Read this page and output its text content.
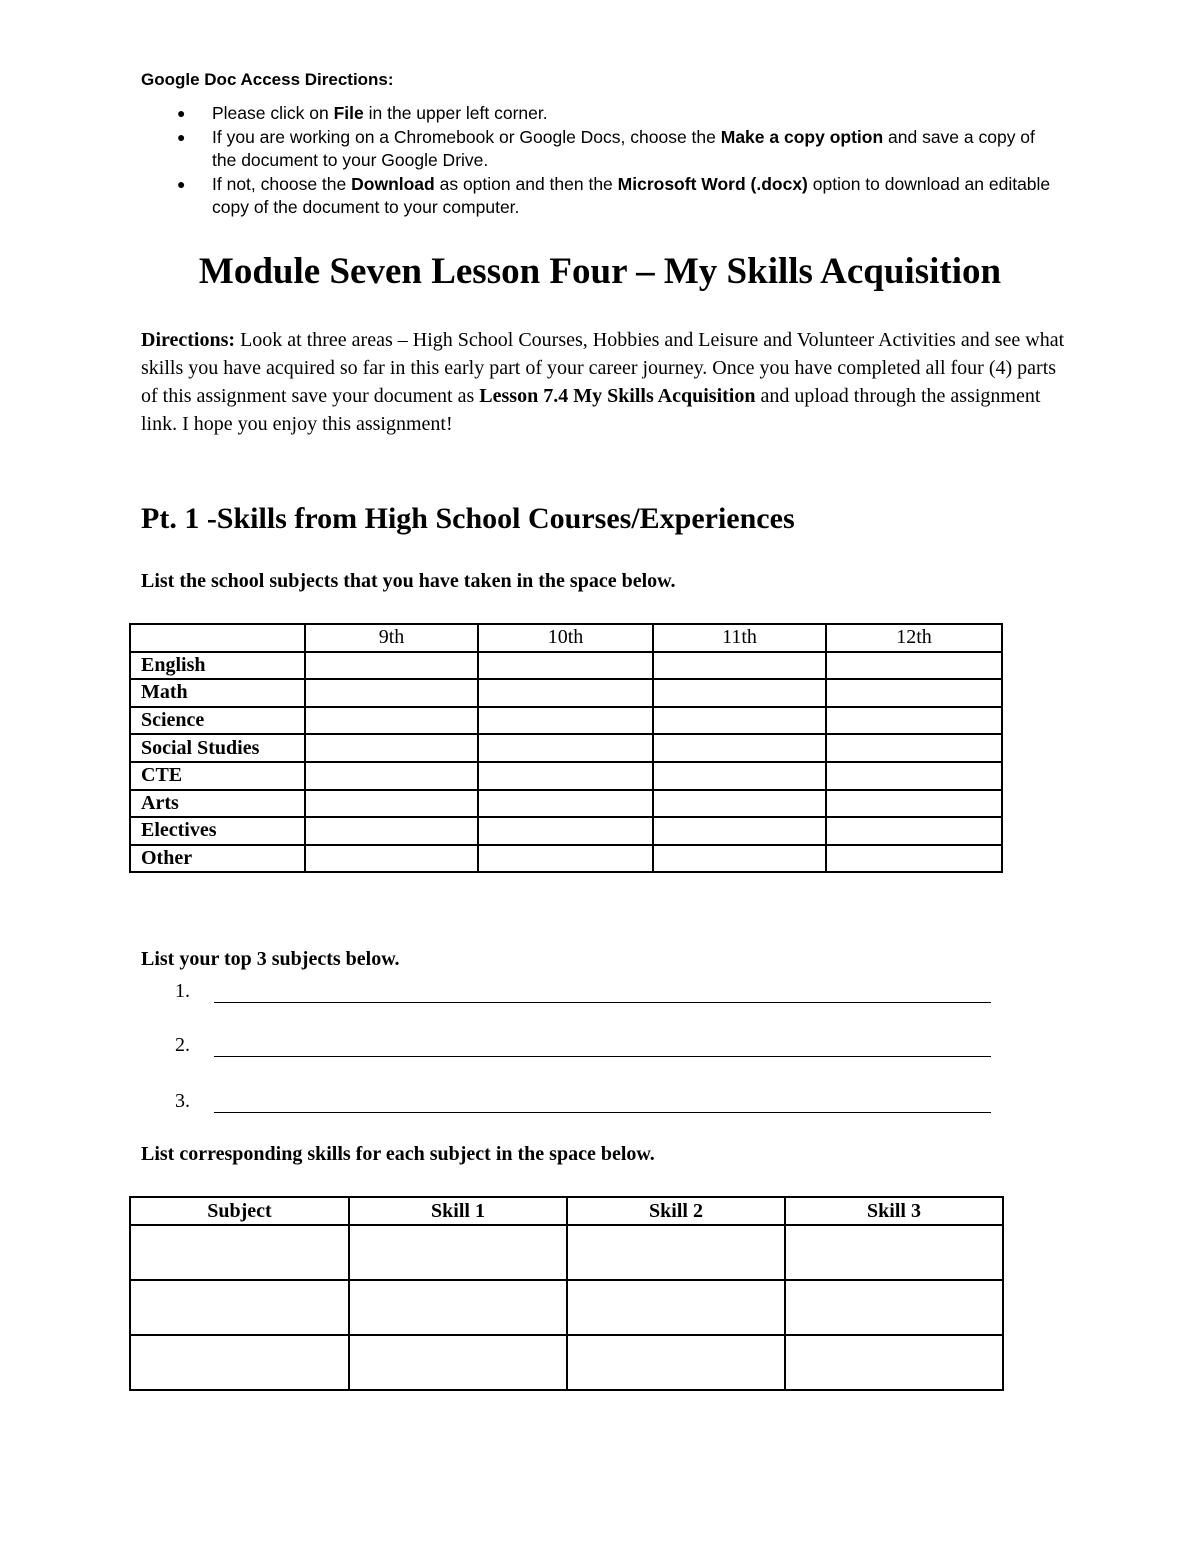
Google Doc Access Directions:
● Please click on File in the upper left corner.
● If you are working on a Chromebook or Google Docs, choose the Make a copy option and save a copy of the document to your Google Drive.
● If not, choose the Download as option and then the Microsoft Word (.docx) option to download an editable copy of the document to your computer.
Module Seven Lesson Four – My Skills Acquisition
Directions: Look at three areas – High School Courses, Hobbies and Leisure and Volunteer Activities and see what skills you have acquired so far in this early part of your career journey. Once you have completed all four (4) parts of this assignment save your document as Lesson 7.4 My Skills Acquisition and upload through the assignment link. I hope you enjoy this assignment!
Pt. 1 -Skills from High School Courses/Experiences
List the school subjects that you have taken in the space below.
	9th	10th	11th	12th
English				
Math				
Science				
Social Studies				
CTE				
Arts				
Electives				
Other				
List your top 3 subjects below.
1.
2.
3.
List corresponding skills for each subject in the space below.
Subject	Skill 1	Skill 2	Skill 3
